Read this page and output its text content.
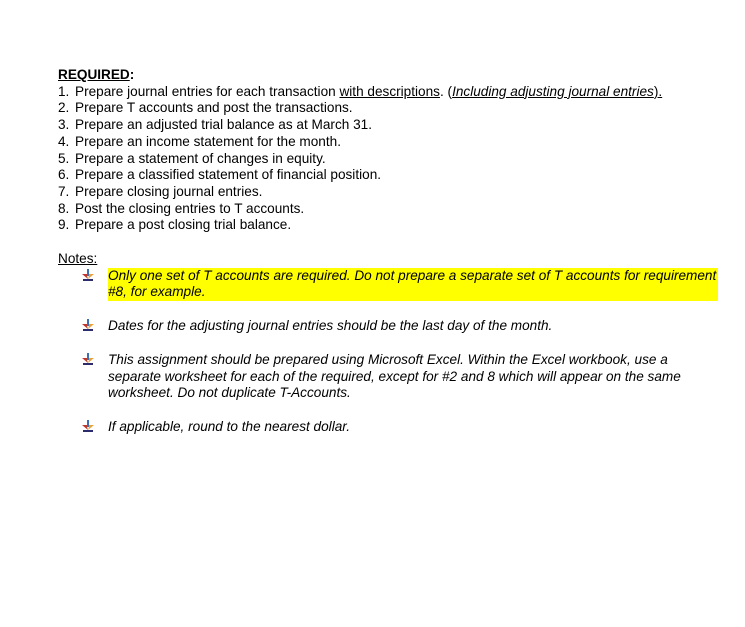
REQUIRED:
1. Prepare journal entries for each transaction with descriptions. (Including adjusting journal entries).
2. Prepare T accounts and post the transactions.
3. Prepare an adjusted trial balance as at March 31.
4. Prepare an income statement for the month.
5. Prepare a statement of changes in equity.
6. Prepare a classified statement of financial position.
7. Prepare closing journal entries.
8. Post the closing entries to T accounts.
9. Prepare a post closing trial balance.
Notes:
Only one set of T accounts are required. Do not prepare a separate set of T accounts for requirement #8, for example.
Dates for the adjusting journal entries should be the last day of the month.
This assignment should be prepared using Microsoft Excel. Within the Excel workbook, use a separate worksheet for each of the required, except for #2 and 8 which will appear on the same worksheet. Do not duplicate T-Accounts.
If applicable, round to the nearest dollar.
